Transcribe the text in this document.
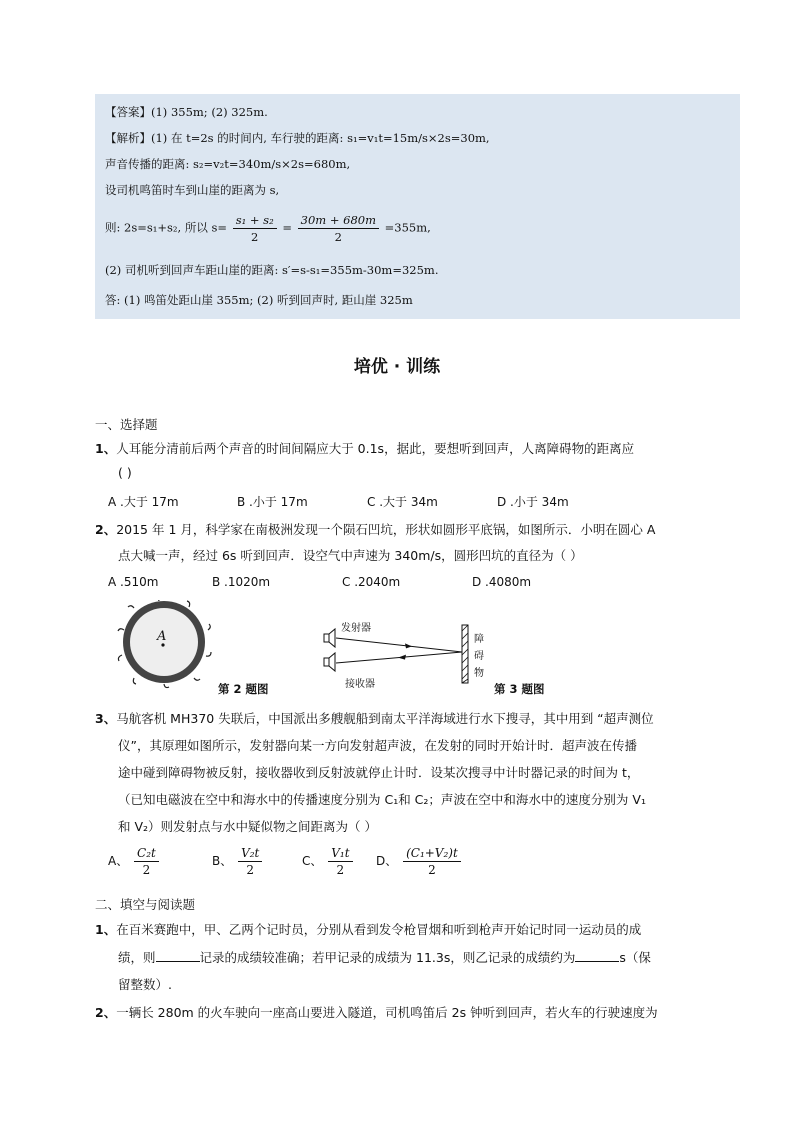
【答案】(1) 355m; (2) 325m.
【解析】(1) 在 t=2s 的时间内, 车行驶的距离: s₁=v₁t=15m/s×2s=30m,
声音传播的距离: s₂=v₂t=340m/s×2s=680m,
设司机鸣笛时车到山崖的距离为 s,
则: 2s=s₁+s₂, 所以 $s= \frac{\text{s₁ + s₂}}{2} = \frac{30m + 680m}{2} =355m$,
(2) 司机听到回声车距山崖的距离: s′=s-s₁=355m-30m=325m.
答: (1) 鸣笛处距山崖 355m; (2) 听到回声时, 距山崖 325m
培优 · 训练
一、选择题
1、人耳能分清前后两个声音的时间间隔应大于 0.1s，据此，要想听到回声，人离障碍物的距离应
( )
A .大于 17m	B .小于 17m	C .大于 34m	D .小于 34m
2、2015 年 1 月，科学家在南极洲发现一个陨石凹坑，形状如圆形平底锅，如图所示．小明在圆心 A
点大喊一声，经过 6s 听到回声．设空气中声速为 340m/s，圆形凹坑的直径为（ ）
A .510m	B .1020m	C .2040m	D .4080m
A
第 2 题图
发射器
接收器
障
碍
物
第 3 题图
3、马航客机 MH370 失联后，中国派出多艘舰船到南太平洋海域进行水下搜寻，其中用到 “超声测位
仪”，其原理如图所示，发射器向某一方向发射超声波，在发射的同时开始计时．超声波在传播
途中碰到障碍物被反射，接收器收到反射波就停止计时．设某次搜寻中计时器记录的时间为 t，
（已知电磁波在空中和海水中的传播速度分别为 C₁和 C₂；声波在空中和海水中的速度分别为 V₁
和 V₂）则发射点与水中疑似物之间距离为（ ）
A、 $\frac{\text{C₂t}}{2}$	B、 $\frac{\text{V₂t}}{2}$	C、 $\frac{\text{V₁t}}{2}$ D、 $\frac{\text{(C₁+V₂)t}}{2}$
二、填空与阅读题
1、在百米赛跑中，甲、乙两个记时员，分别从看到发令枪冒烟和听到枪声开始记时同一运动员的成
绩，则	记录的成绩较准确；若甲记录的成绩为 11.3s，则乙记录的成绩约为	s（保
留整数）.
2、一辆长 280m 的火车驶向一座高山要进入隧道，司机鸣笛后 2s 钟听到回声，若火车的行驶速度为
